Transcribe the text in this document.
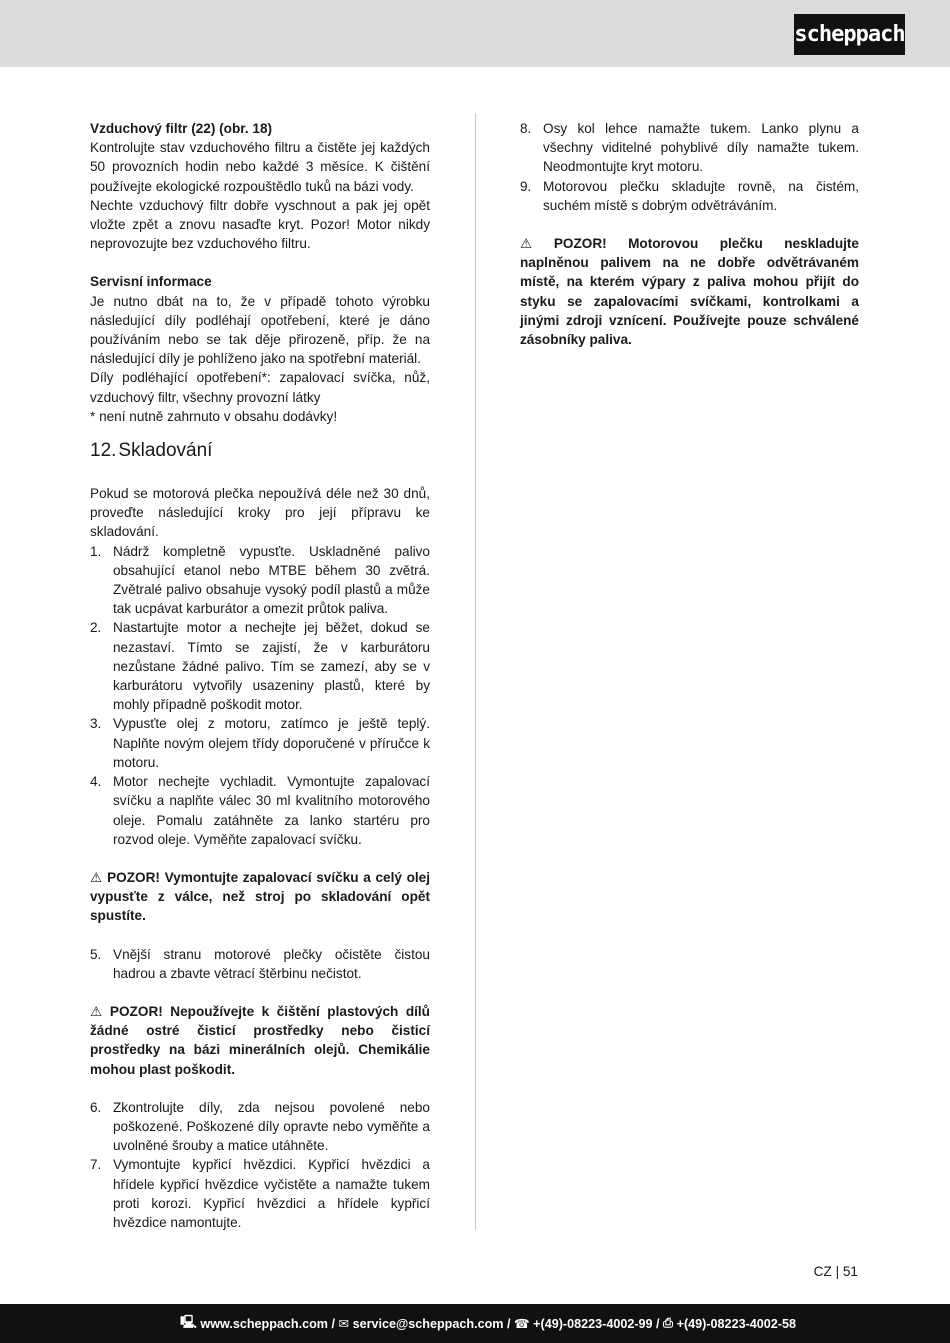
scheppach

Vzduchový filtr (22) (obr. 18)

Kontrolujte stav vzduchového filtru a čistěte jej každých 50 provozních hodin nebo každé 3 měsíce. K čištění používejte ekologické rozpouštědlo tuků na bázi vody.

Nechte vzduchový filtr dobře vyschnout a pak jej opět vložte zpět a znovu nasaďte kryt. Pozor! Motor nikdy neprovozujte bez vzduchového filtru.

Servisní informace

Je nutno dbát na to, že v případě tohoto výrobku následující díly podléhají opotřebení, které je dáno používáním nebo se tak děje přirozeně, příp. že na následující díly je pohlíženo jako na spotřební materiál.

Díly podléhající opotřebení*: zapalovací svíčka, nůž, vzduchový filtr, všechny provozní látky

* není nutně zahrnuto v obsahu dodávky!

12. Skladování

Pokud se motorová plečka nepoužívá déle než 30 dnů, proveďte následující kroky pro její přípravu ke skladování.

1. Nádrž kompletně vypusťte. Uskladněné palivo obsahující etanol nebo MTBE během 30 zvětrá. Zvětralé palivo obsahuje vysoký podíl plastů a může tak ucpávat karburátor a omezit průtok paliva.
2. Nastartujte motor a nechejte jej běžet, dokud se nezastaví. Tímto se zajistí, že v karburátoru nezůstane žádné palivo. Tím se zamezí, aby se v karburátoru vytvořily usazeniny plastů, které by mohly případně poškodit motor.
3. Vypusťte olej z motoru, zatímco je ještě teplý. Naplňte novým olejem třídy doporučené v příručce k motoru.
4. Motor nechejte vychladit. Vymontujte zapalovací svíčku a naplňte válec 30 ml kvalitního motorového oleje. Pomalu zatáhněte za lanko startéru pro rozvod oleje. Vyměňte zapalovací svíčku.

⚠ POZOR! Vymontujte zapalovací svíčku a celý olej vypusťte z válce, než stroj po skladování opět spustíte.

5. Vnější stranu motorové plečky očistěte čistou hadrou a zbavte větrací štěrbinu nečistot.

⚠ POZOR! Nepoužívejte k čištění plastových dílů žádné ostré čisticí prostředky nebo čisticí prostředky na bázi minerálních olejů. Chemikálie mohou plast poškodit.

6. Zkontrolujte díly, zda nejsou povolené nebo poškozené. Poškozené díly opravte nebo vyměňte a uvolněné šrouby a matice utáhněte.
7. Vymontujte kypřicí hvězdici. Kypřicí hvězdici a hřídele kypřicí hvězdice vyčistěte a namažte tukem proti korozi. Kypřicí hvězdici a hřídele kypřicí hvězdice namontujte.
8. Osy kol lehce namažte tukem. Lanko plynu a všechny viditelné pohyblivé díly namažte tukem. Neodmontujte kryt motoru.
9. Motorovou plečku skladujte rovně, na čistém, suchém místě s dobrým odvětráváním.

⚠ POZOR! Motorovou plečku neskladujte naplněnou palivem na ne dobře odvětrávaném místě, na kterém výpary z paliva mohou přijít do styku se zapalovacími svíčkami, kontrolkami a jinými zdroji vznícení. Používejte pouze schválené zásobníky paliva.

CZ | 51
🖳 www.scheppach.com / ✉ service@scheppach.com / ☎ +(49)-08223-4002-99 / ⎙ +(49)-08223-4002-58
